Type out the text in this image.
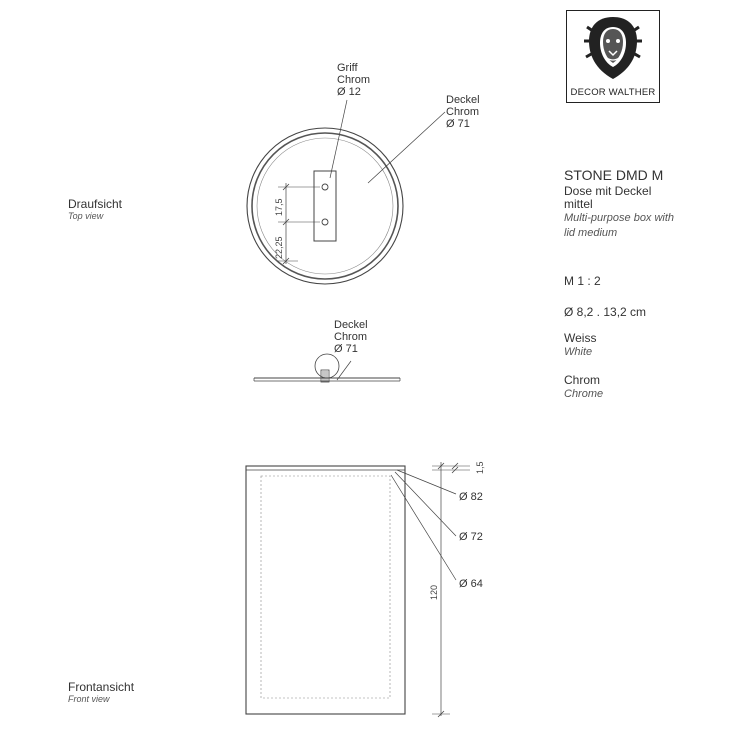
DECOR WALTHER
17,5
22,25
1,5
120
Griff
Chrom
Ø 12
Deckel
Chrom
Ø 71
Deckel
Chrom
Ø 71
Ø 82
Ø 72
Ø 64
Draufsicht
Top view
Frontansicht
Front view
STONE DMD M
Dose mit Deckel
mittel
Multi-purpose box with
lid medium
M 1 : 2
Ø 8,2 . 13,2 cm
Weiss
White
Chrom
Chrome
